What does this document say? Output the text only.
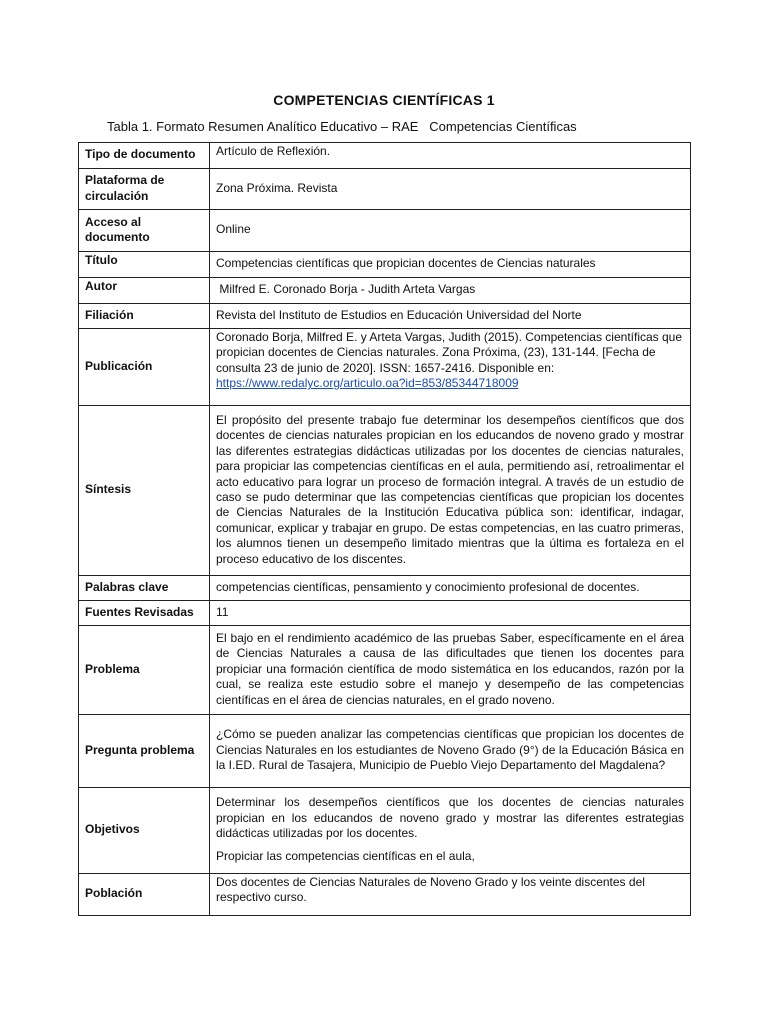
COMPETENCIAS CIENTÍFICAS 1
Tabla 1. Formato Resumen Analítico Educativo – RAE   Competencias Científicas
Tipo de documento	Artículo de Reflexión.
Plataforma de circulación	Zona Próxima. Revista
Acceso al documento	Online
Título	Competencias científicas que propician docentes de Ciencias naturales
Autor	Milfred E. Coronado Borja - Judith Arteta Vargas
Filiación	Revista del Instituto de Estudios en Educación Universidad del Norte
Publicación	Coronado Borja, Milfred E. y Arteta Vargas, Judith (2015). Competencias científicas que propician docentes de Ciencias naturales. Zona Próxima, (23), 131-144. [Fecha de consulta 23 de junio de 2020]. ISSN: 1657-2416. Disponible en: https://www.redalyc.org/articulo.oa?id=853/85344718009
Síntesis	El propósito del presente trabajo fue determinar los desempeños científicos que dos docentes de ciencias naturales propician en los educandos de noveno grado y mostrar las diferentes estrategias didácticas utilizadas por los docentes de ciencias naturales, para propiciar las competencias científicas en el aula, permitiendo así, retroalimentar el acto educativo para lograr un proceso de formación integral. A través de un estudio de caso se pudo determinar que las competencias científicas que propician los docentes de Ciencias Naturales de la Institución Educativa pública son: identificar, indagar, comunicar, explicar y trabajar en grupo. De estas competencias, en las cuatro primeras, los alumnos tienen un desempeño limitado mientras que la última es fortaleza en el proceso educativo de los discentes.
Palabras clave	competencias científicas, pensamiento y conocimiento profesional de docentes.
Fuentes Revisadas	11
Problema	El bajo en el rendimiento académico de las pruebas Saber, específicamente en el área de Ciencias Naturales a causa de las dificultades que tienen los docentes para propiciar una formación científica de modo sistemática en los educandos, razón por la cual, se realiza este estudio sobre el manejo y desempeño de las competencias científicas en el área de ciencias naturales, en el grado noveno.
Pregunta problema	¿Cómo se pueden analizar las competencias científicas que propician los docentes de Ciencias Naturales en los estudiantes de Noveno Grado (9°) de la Educación Básica en la I.ED. Rural de Tasajera, Municipio de Pueblo Viejo Departamento del Magdalena?
Objetivos	Determinar los desempeños científicos que los docentes de ciencias naturales propician en los educandos de noveno grado y mostrar las diferentes estrategias didácticas utilizadas por los docentes.
Propiciar las competencias científicas en el aula,

Población	Dos docentes de Ciencias Naturales de Noveno Grado y los veinte discentes del respectivo curso.
